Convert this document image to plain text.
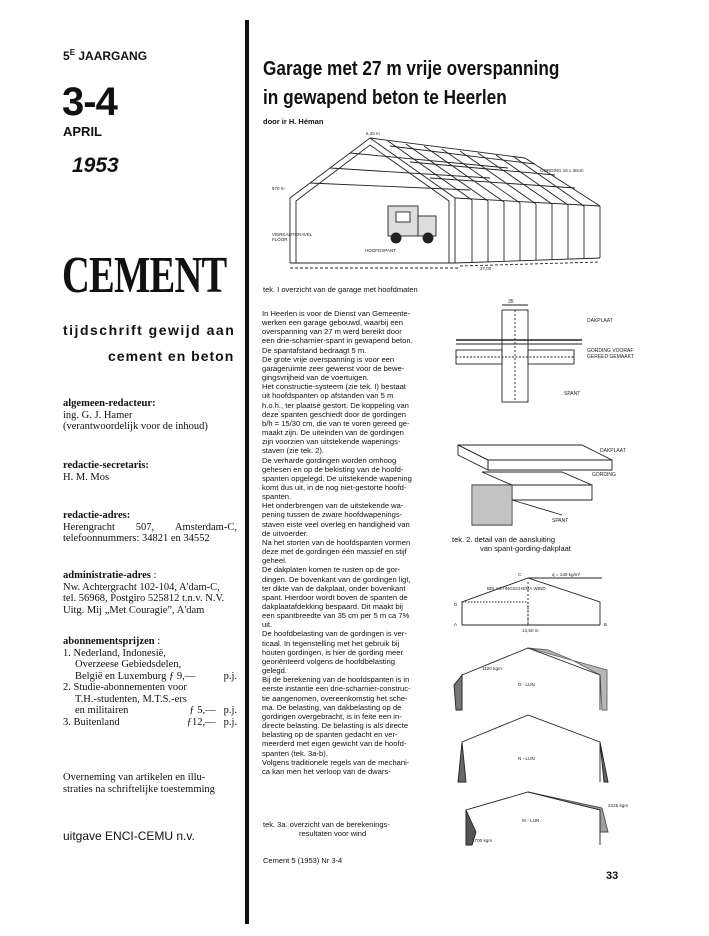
$5^E$ JAARGANG
3-4
APRIL
1953
CEMENT
tijdschrift gewijd aan
cement en beton
algemeen-redacteur:
ing. G. J. Hamer
(verantwoordelijk voor de inhoud)
redactie-secretaris:
H. M. Mos
redactie-adres:
Herengracht 507, Amsterdam-C,
telefoonnummers: 34821 en 34552
administratie-adres :
Nw. Achtergracht 102-104, A'dam-C,
tel. 56968, Postgiro 525812 t.n.v. N.V.
Uitg. Mij „Met Couragie”, A'dam
abonnementsprijzen :
1. Nederland, Indonesië,
Overzeese Gebiedsdelen,
België en Luxemburg ƒ 9,—	p.j.
2. Studie-abonnementen voor
T.H.-studenten, M.T.S.-ers
en militairen	ƒ 5,— p.j.
3. Buitenland	ƒ12,— p.j.
Overneming van artikelen en illu-
straties na schriftelijke toestemming
uitgave ENCI-CEMU n.v.
Garage met 27 m vrije overspanning
in gewapend beton te Heerlen
door ir H. Héman
6,25 m
GORDING 15 x 30cm
570 m
VIERKANTGRAVEL
FLOOR
HOOFDSPANT
27,00
tek. I overzicht van de garage met hoofdmaten

In Heerlen is voor de Dienst van Gemeente-

werken een garage gebouwd, waarbij een

overspanning van 27 m werd bereikt door

een drie-scharnier-spant in gewapend beton.

De spantafstand bedraagt 5 m.

De grote vrije overspanning is voor een

garageruimte zeer gewenst voor de bewe-

gingsvrijheid van de voertuigen.

Het constructie-systeem (zie tek. I) bestaat

uit hoofdspanten op afstanden van 5 m

h.o.h., ter plaatse gestort. De koppeling van

deze spanten geschiedt door de gordingen

b/h = 15/30 cm, die van te voren gereed ge-

maakt zijn. De uiteinden van de gordingen

zijn voorzien van uitstekende wapenings-

staven (zie tek. 2).

De verharde gordingen worden omhoog

gehesen en op de bekisting van de hoofd-

spanten opgelegd. De uitstekende wapening

komt dus uit, in de nog niet-gestorte hoofd-

spanten.

Het onderbrengen van de uitstekende wa-

pening tussen de zware hoofdwapenings-

staven eiste veel overleg en handigheid van

de uitvoerder.

Na het storten van de hoofdspanten vormen

deze met de gordingen één massief en stijf

geheel.

De dakplaten komen te rusten op de gor-

dingen. De bovenkant van de gordingen ligt,

ter dikte van de dakplaat, onder bovenkant

spant. Hierdoor wordt boven de spanten de

dakplaatafdekking bespaard. Dit maakt bij

een spantbreedte van 35 cm per 5 m ca 7%

uit.

De hoofdbelasting van de gordingen is ver-

ticaal. In tegenstelling met het gebruik bij

houten gordingen, is hier de gording meer

georiënteerd volgens de hoofdbelasting

gelegd.

Bij de berekening van de hoofdspanten is in

eerste instantie een drie-scharnier-construc-

tie aangenomen, overeenkomstig het sche-

ma. De belasting, van dakbelasting op de

gordingen overgebracht, is in feite een in-

directe belasting. De belasting is als directe

belasting op de spanten gedacht en ver-

meerderd met eigen gewicht van de hoofd-

spanten (tek. 3a-b).

Volgens traditionele regels van de mechani-

ca kan men het verloop van de dwars-

35
DAKPLAAT
GORDING VOORAF
GEREED GEMAAKT
SPANT
DAKPLAAT
GORDING
SPANT
tek. 2. detail van de aansluiting
van spant-gording-dakplaat
q = 140 kg/m²
BELASTINGSCHEMA WIND
D
A
C
B
13,50 m
1120 kgm
D - LIJN
N - LIJN
M - LIJN
1700 kgm
2225 kgm
tek. 3a. overzicht van de berekenings-
resultaten voor wind
Cement 5 (1953) Nr 3-4
33
